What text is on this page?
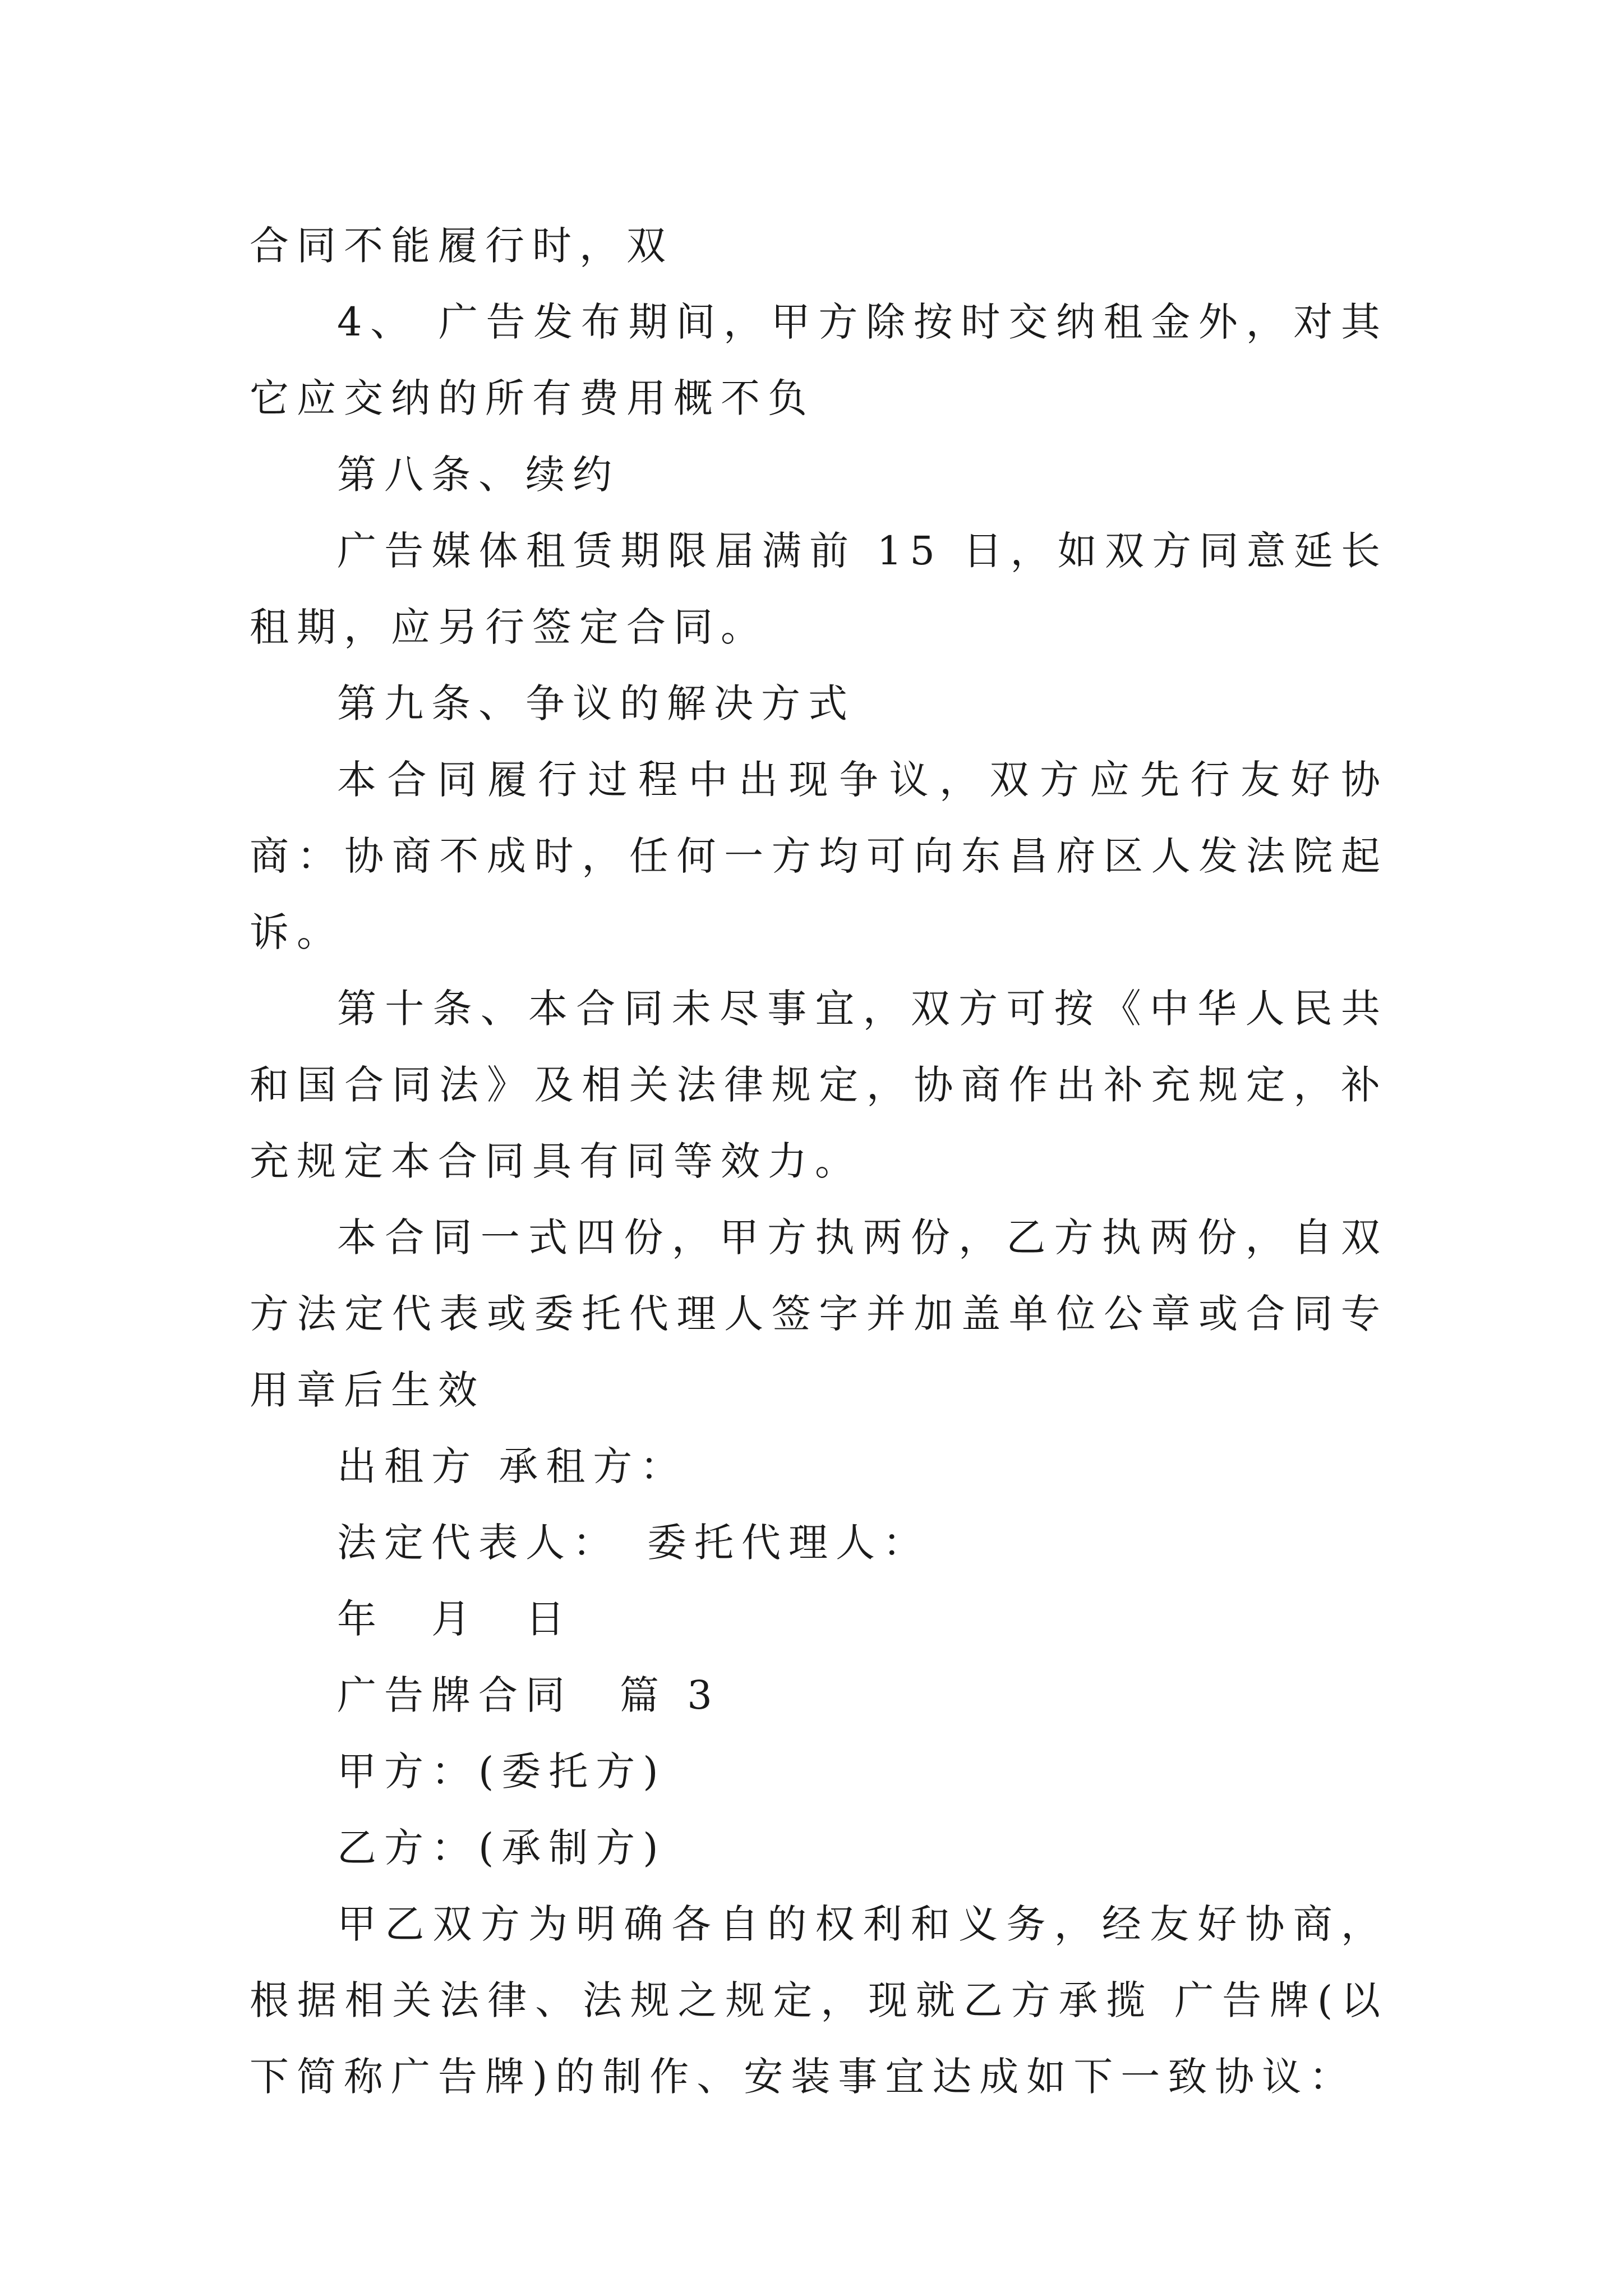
合同不能履行时，双

4、 广告发布期间，甲方除按时交纳租金外，对其它应交纳的所有费用概不负

第八条、续约

广告媒体租赁期限届满前 15 日，如双方同意延长租期，应另行签定合同。

第九条、争议的解决方式

本合同履行过程中出现争议，双方应先行友好协商：协商不成时，任何一方均可向东昌府区人发法院起诉。

第十条、本合同未尽事宜，双方可按《中华人民共和国合同法》及相关法律规定，协商作出补充规定，补充规定本合同具有同等效力。

本合同一式四份，甲方执两份，乙方执两份，自双方法定代表或委托代理人签字并加盖单位公章或合同专用章后生效

出租方 承租方：

法定代表人：　委托代理人：

年　月　日

广告牌合同　篇 3

甲方：(委托方)

乙方：(承制方)

甲乙双方为明确各自的权利和义务，经友好协商，根据相关法律、法规之规定，现就乙方承揽 广告牌(以下简称广告牌)的制作、安装事宜达成如下一致协议：
